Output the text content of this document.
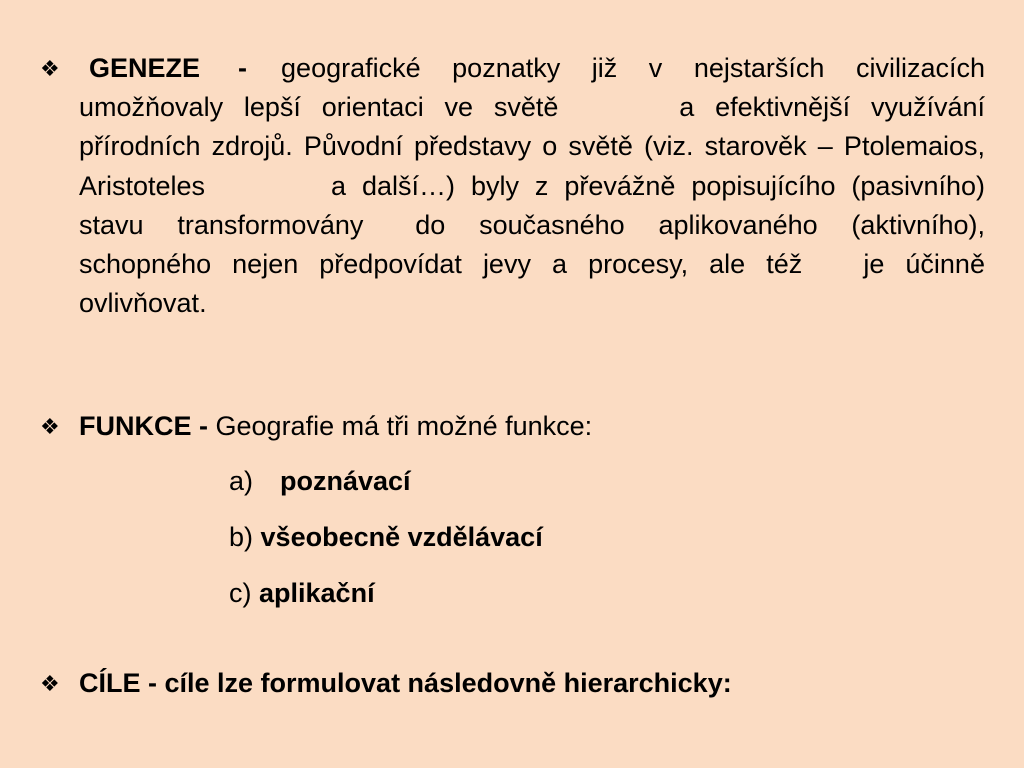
❖	GENEZE - geografické poznatky již v nejstarších civilizacích umožňovaly lepší orientaci ve světě	a efektivnější využívání přírodních zdrojů. Původní představy o světě (viz. starověk – Ptolemaios, Aristoteles	a další…) byly z převážně popisujícího (pasivního) stavu transformovány do současného aplikovaného (aktivního), schopného nejen předpovídat jevy a procesy, ale též je účinně ovlivňovat.
❖ FUNKCE - Geografie má tři možné funkce:
a) poznávací
b) všeobecně vzdělávací
c) aplikační
❖ CÍLE - cíle lze formulovat následovně hierarchicky:
